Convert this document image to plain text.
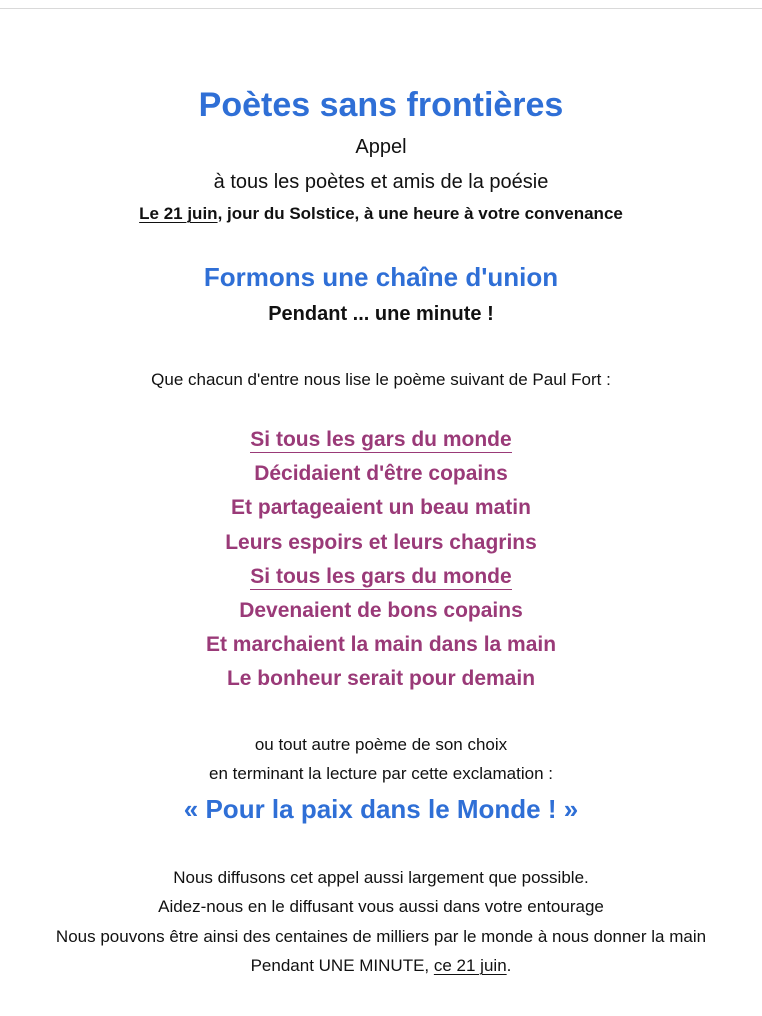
Poètes sans frontières
Appel
à tous les poètes et amis de la poésie
Le 21 juin, jour du Solstice, à une heure à votre convenance
Formons une chaîne d'union
Pendant ... une minute !
Que chacun d'entre nous lise le poème suivant de Paul Fort :
Si tous les gars du monde
Décidaient d'être copains
Et partageaient un beau matin
Leurs espoirs et leurs chagrins
Si tous les gars du monde
Devenaient de bons copains
Et marchaient la main dans la main
Le bonheur serait pour demain
ou tout autre poème de son choix
en terminant la lecture par cette exclamation :
« Pour la paix dans le Monde ! »
Nous diffusons cet appel aussi largement que possible.
Aidez-nous en le diffusant vous aussi dans votre entourage
Nous pouvons être ainsi des centaines de milliers par le monde à nous donner la main
Pendant UNE MINUTE, ce 21 juin.
